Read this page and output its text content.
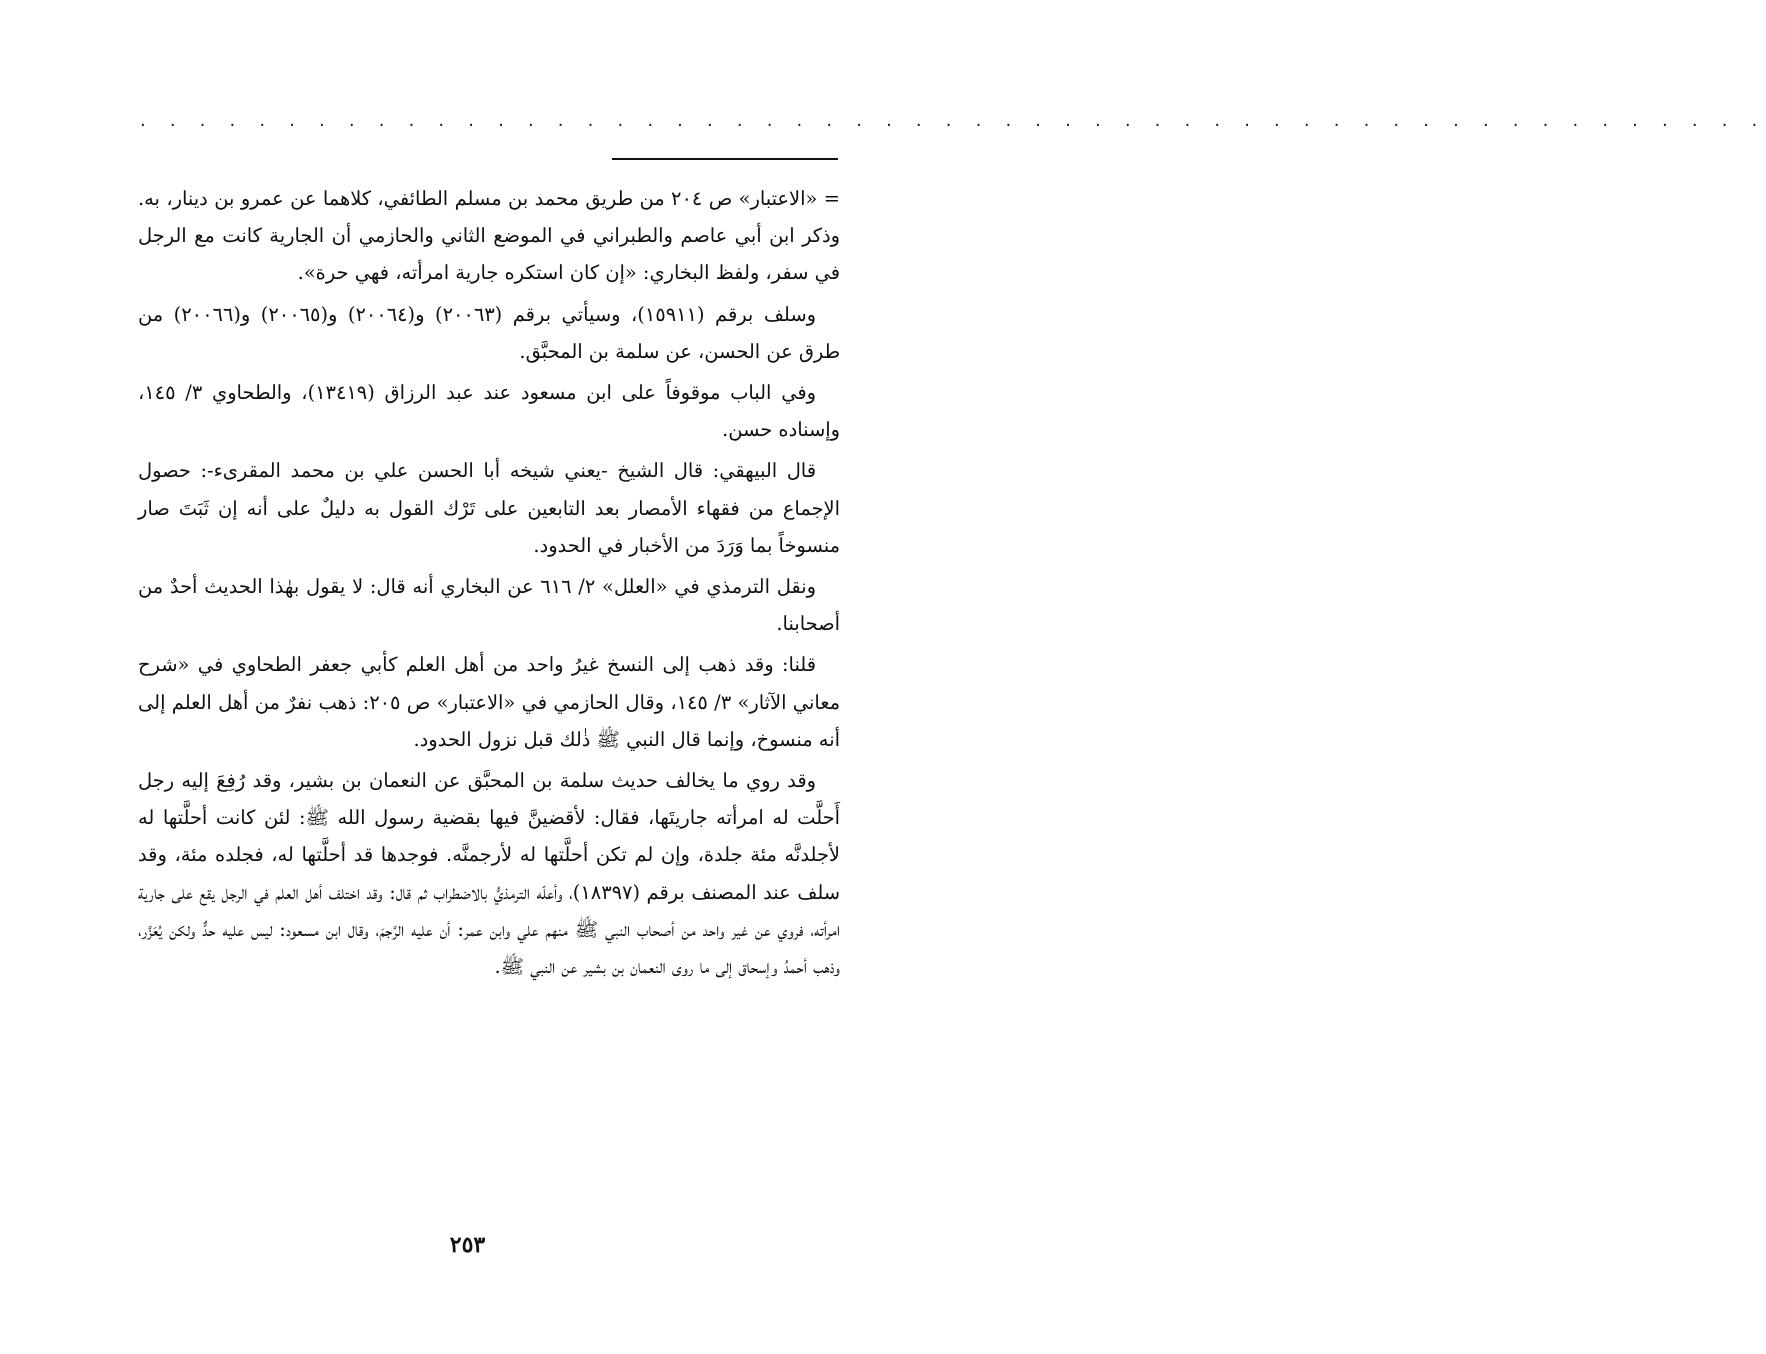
. . . . . . . . . . . . . . . . . . . . . . . . . . . . . . . . . . . . . . . . . . . . . . . . . . . . . . .

= «الاعتبار» ص ٢٠٤ من طريق محمد بن مسلم الطائفي، كلاهما عن عمرو بن دينار، به. وذكر ابن أبي عاصم والطبراني في الموضع الثاني والحازمي أن الجارية كانت مع الرجل في سفر، ولفظ البخاري: «إن كان استكره جارية امرأته، فهي حرة».

وسلف برقم (١٥٩١١)، وسيأتي برقم (٢٠٠٦٣) و(٢٠٠٦٤) و(٢٠٠٦٥) و(٢٠٠٦٦) من طرق عن الحسن، عن سلمة بن المحبَّق.

وفي الباب موقوفاً على ابن مسعود عند عبد الرزاق (١٣٤١٩)، والطحاوي ٣/ ١٤٥، وإسناده حسن.

قال البيهقي: قال الشيخ -يعني شيخه أبا الحسن علي بن محمد المقرىء-: حصول الإجماع من فقهاء الأمصار بعد التابعين على تَرْك القول به دليلٌ على أنه إن ثَبَتَ صار منسوخاً بما وَرَدَ من الأخبار في الحدود.

ونقل الترمذي في «العلل» ٢/ ٦١٦ عن البخاري أنه قال: لا يقول بهٰذا الحديث أحدٌ من أصحابنا.

قلنا: وقد ذهب إلى النسخ غيرُ واحد من أهل العلم كأبي جعفر الطحاوي في «شرح معاني الآثار» ٣/ ١٤٥، وقال الحازمي في «الاعتبار» ص ٢٠٥: ذهب نفرٌ من أهل العلم إلى أنه منسوخ، وإنما قال النبي ﷺ ذٰلك قبل نزول الحدود.

وقد روي ما يخالف حديث سلمة بن المحبَّق عن النعمان بن بشير، وقد رُفِعَ إليه رجل أَحلَّت له امرأته جاريتَها، فقال: لأقضينَّ فيها بقضية رسول الله ﷺ: لئن كانت أحلَّتها له لأجلدنَّه مئة جلدة، وإن لم تكن أحلَّتها له لأرجمنَّه. فوجدها قد أحلَّتها له، فجلده مئة، وقد سلف عند المصنف برقم (١٨٣٩٧)، وأعلّه الترمذيُّ بالاضطراب ثم قال: وقد اختلف أهل العلم في الرجل يقع على جارية امرأته، فروي عن غير واحد من أصحاب النبي ﷺ منهم علي وابن عمر: أن عليه الرَّجمَ، وقال ابن مسعود: ليس عليه حدٌّ ولكن يُعَزَّر، وذهب أحمدُ وإسحاق إلى ما روى النعمان بن بشير عن النبي ﷺ.

٢٥٣
